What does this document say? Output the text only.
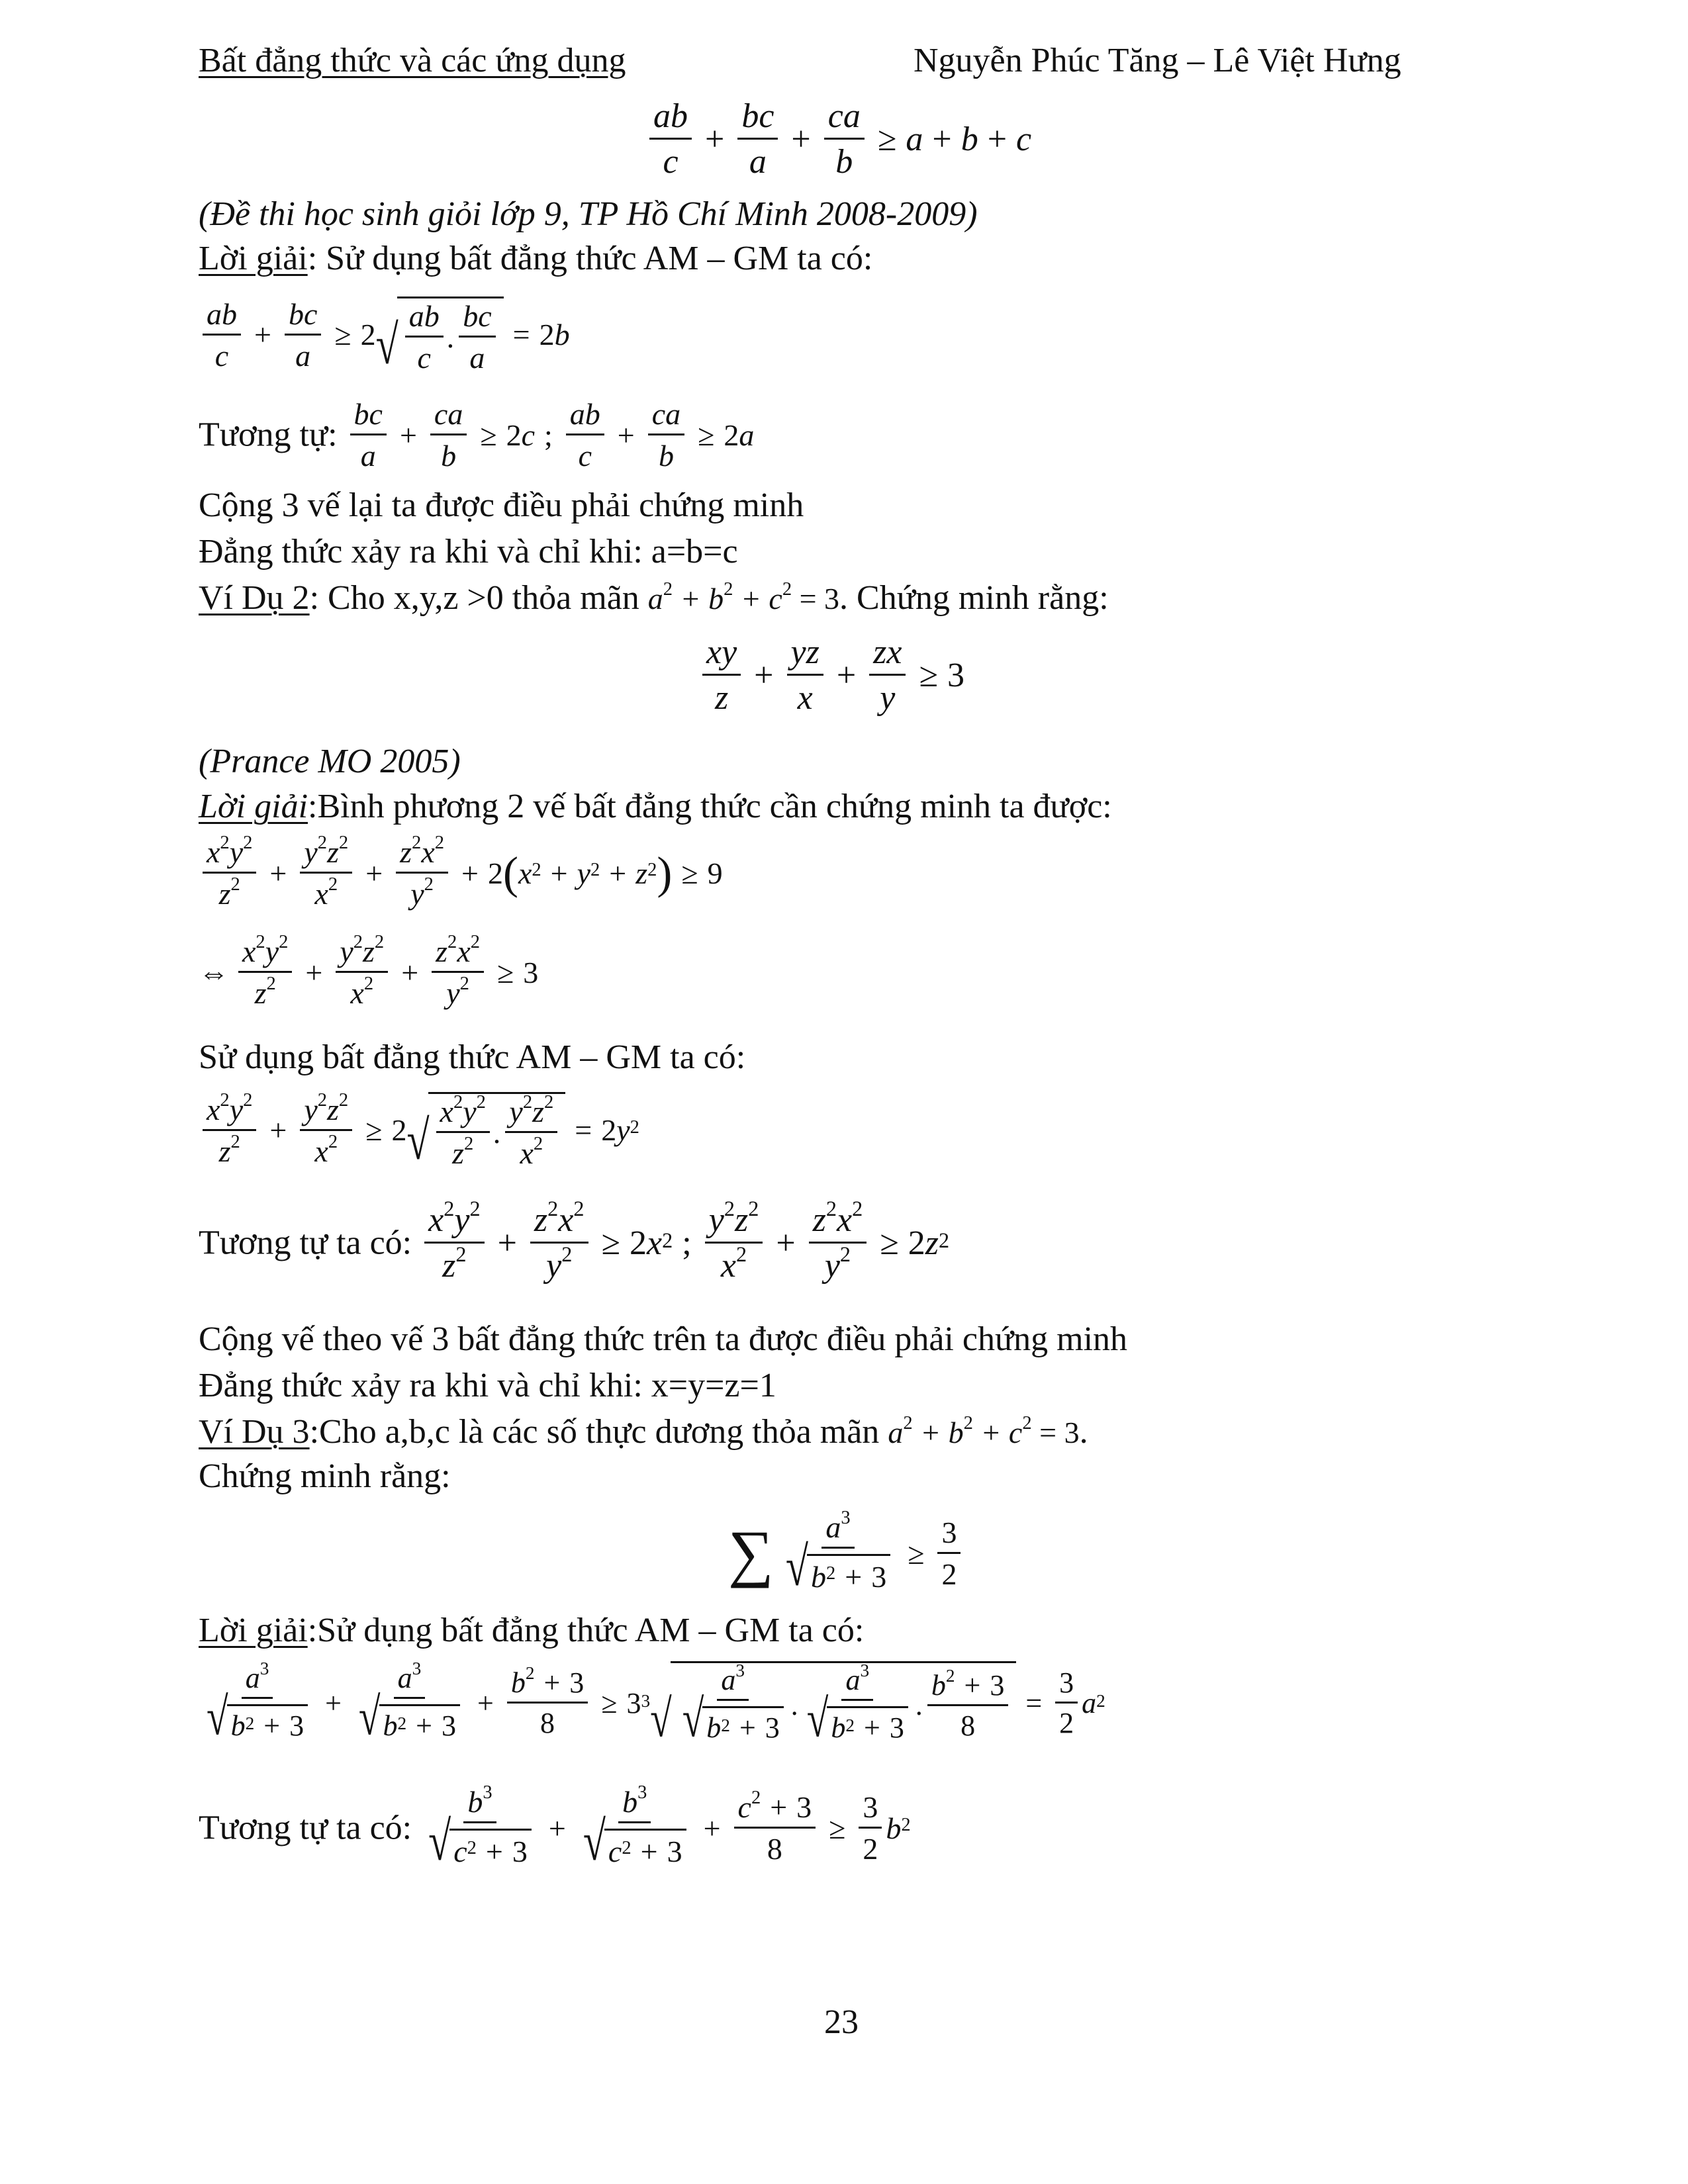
Bất đẳng thức và các ứng dụng	Nguyễn Phúc Tăng – Lê Việt Hưng
$\frac{ab}{c} + \frac{bc}{a} + \frac{ca}{b} \ge a + b + c$
(Đề thi học sinh giỏi lớp 9, TP Hồ Chí Minh 2008-2009)
Lời giải: Sử dụng bất đẳng thức AM – GM ta có:
$\frac{ab}{c} + \frac{bc}{a} \ge 2$ √ $\frac{ab}{c}$ . $\frac{bc}{a} = 2$ b
Tương tự: $\frac{bc}{a} + \frac{ca}{b} \ge 2$ c ; $\frac{ab}{c} + \frac{ca}{b} \ge 2$ a
Cộng 3 vế lại ta được điều phải chứng minh
Đẳng thức xảy ra khi và chỉ khi: a=b=c
Ví Dụ 2: Cho x,y,z >0 thỏa mãn $a^2 + b^2 + c^2 = 3$. Chứng minh rằng:
$\frac{xy}{z} + \frac{yz}{x} + \frac{zx}{y} \ge 3$
(Prance MO 2005)
Lời giải:Bình phương 2 vế bất đẳng thức cần chứng minh ta được:
$\frac{x^2y^2}{z^2} + \frac{y^2z^2}{x^2} + \frac{z^2x^2}{y^2} + 2$ ( $x^2 + y^2 + z^2$ ) ≥ 9
⇔ $\frac{x^2y^2}{z^2} + \frac{y^2z^2}{x^2} + \frac{z^2x^2}{y^2} \ge 3$
Sử dụng bất đẳng thức AM – GM ta có:
$\frac{x^2y^2}{z^2} + \frac{y^2z^2}{x^2} \ge 2$ √ $\frac{x^2y^2}{z^2}$ . $\frac{y^2z^2}{x^2} = 2$ $y^2$
Tương tự ta có: $\frac{x^2y^2}{z^2} + \frac{z^2x^2}{y^2} \ge 2$ $x^2$ ; $\frac{y^2z^2}{x^2} + \frac{z^2x^2}{y^2} \ge 2$ $z^2$
Cộng vế theo vế 3 bất đẳng thức trên ta được điều phải chứng minh
Đẳng thức xảy ra khi và chỉ khi: x=y=z=1
Ví Dụ 3:Cho a,b,c là các số thực dương thỏa mãn $a^2 + b^2 + c^2 = 3$.
Chứng minh rằng:
∑ $\frac{a^3}{√ b^2 + 3} \ge \frac{3}{2}$
Lời giải:Sử dụng bất đẳng thức AM – GM ta có:
$\frac{a^3}{√ b^2 + 3} + \frac{a^3}{√ b^2 + 3} + \frac{b^2 + 3}{8} \ge 3^3$ √ $\frac{a^3}{√ b^2 + 3}$ . $\frac{a^3}{√ b^2 + 3}$ . $\frac{b^2 + 3}{8} = \frac{3}{2} a^2$
Tương tự ta có: $\frac{b^3}{√ c^2 + 3} + \frac{b^3}{√ c^2 + 3} + \frac{c^2 + 3}{8} \ge \frac{3}{2} b^2$
23
